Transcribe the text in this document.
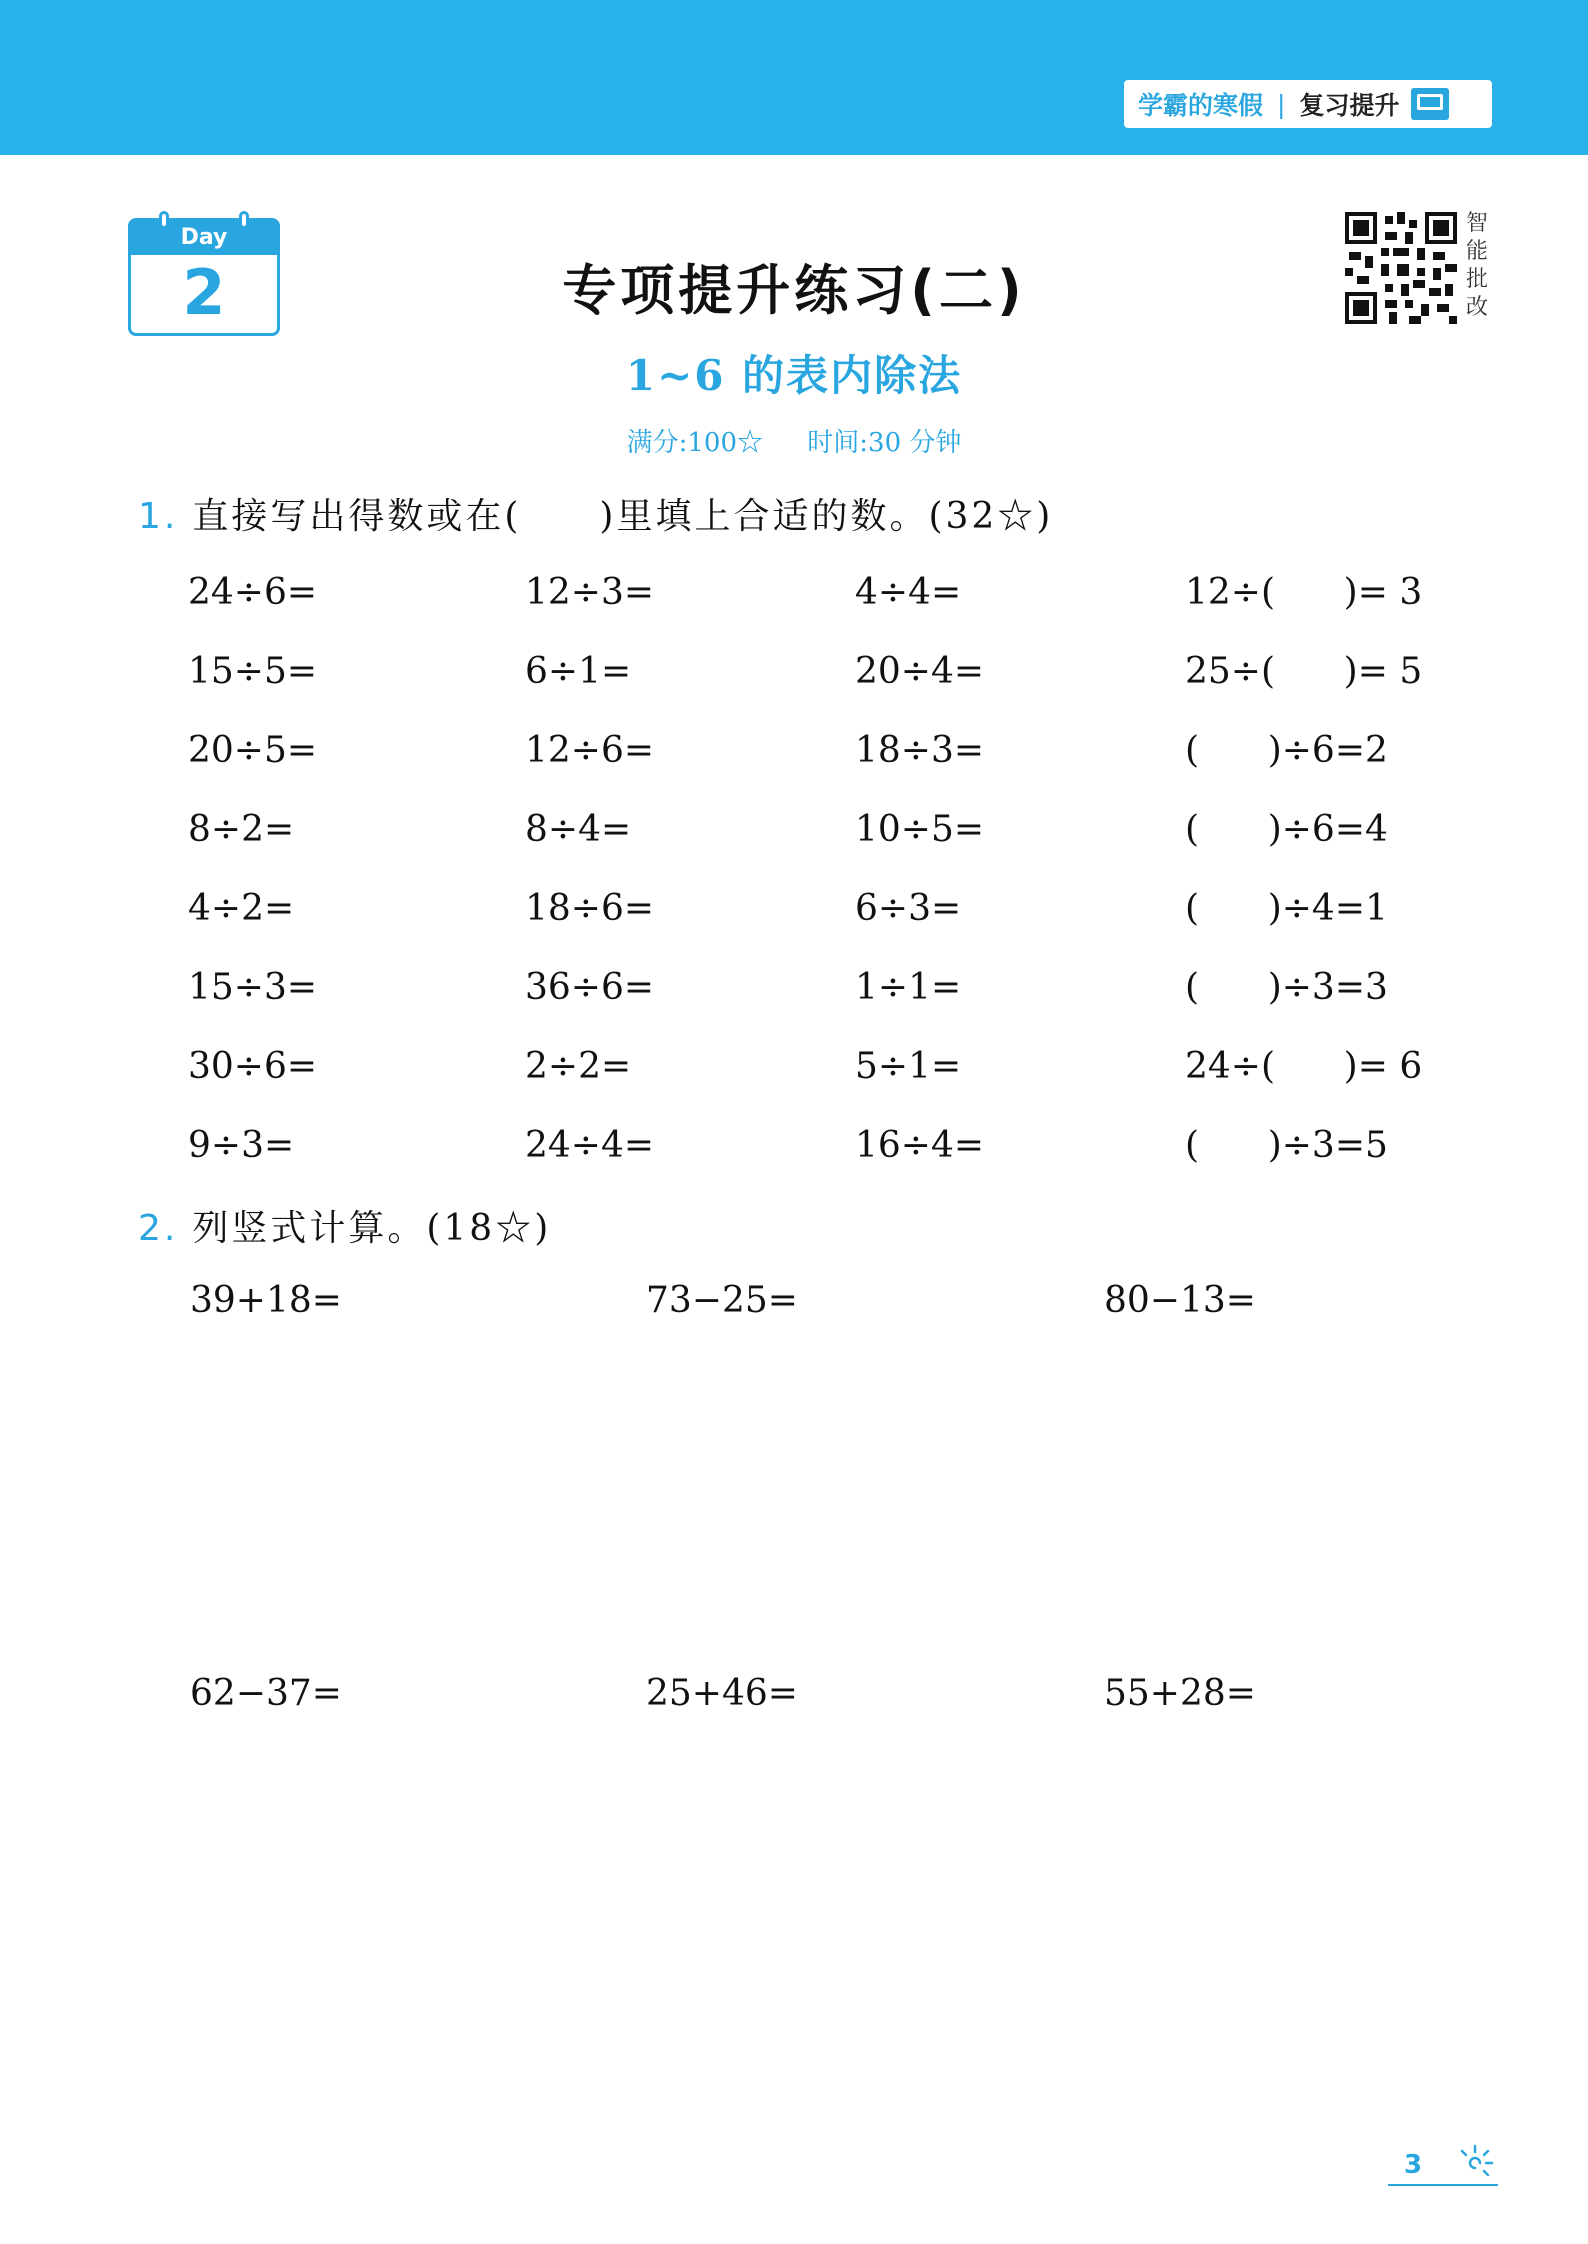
学霸的寒假 | 复习提升
Day
2	专项提升练习(二)
1~6 的表内除法
满分:100☆ 时间:30 分钟
智能批改
1. 直接写出得数或在(　　)里填上合适的数。(32☆)
24÷6=	12÷3=	4÷4=	12÷(      )= 3
15÷5=	6÷1=	20÷4=	25÷(      )= 5
20÷5=	12÷6=	18÷3=	(      )÷6=2
8÷2=	8÷4=	10÷5=	(      )÷6=4
4÷2=	18÷6=	6÷3=	(      )÷4=1
15÷3=	36÷6=	1÷1=	(      )÷3=3
30÷6=	2÷2=	5÷1=	24÷(      )= 6
9÷3=	24÷4=	16÷4=	(      )÷3=5
2. 列竖式计算。(18☆)
39+18=	73−25=	80−13=
62−37=	25+46=	55+28=
3
